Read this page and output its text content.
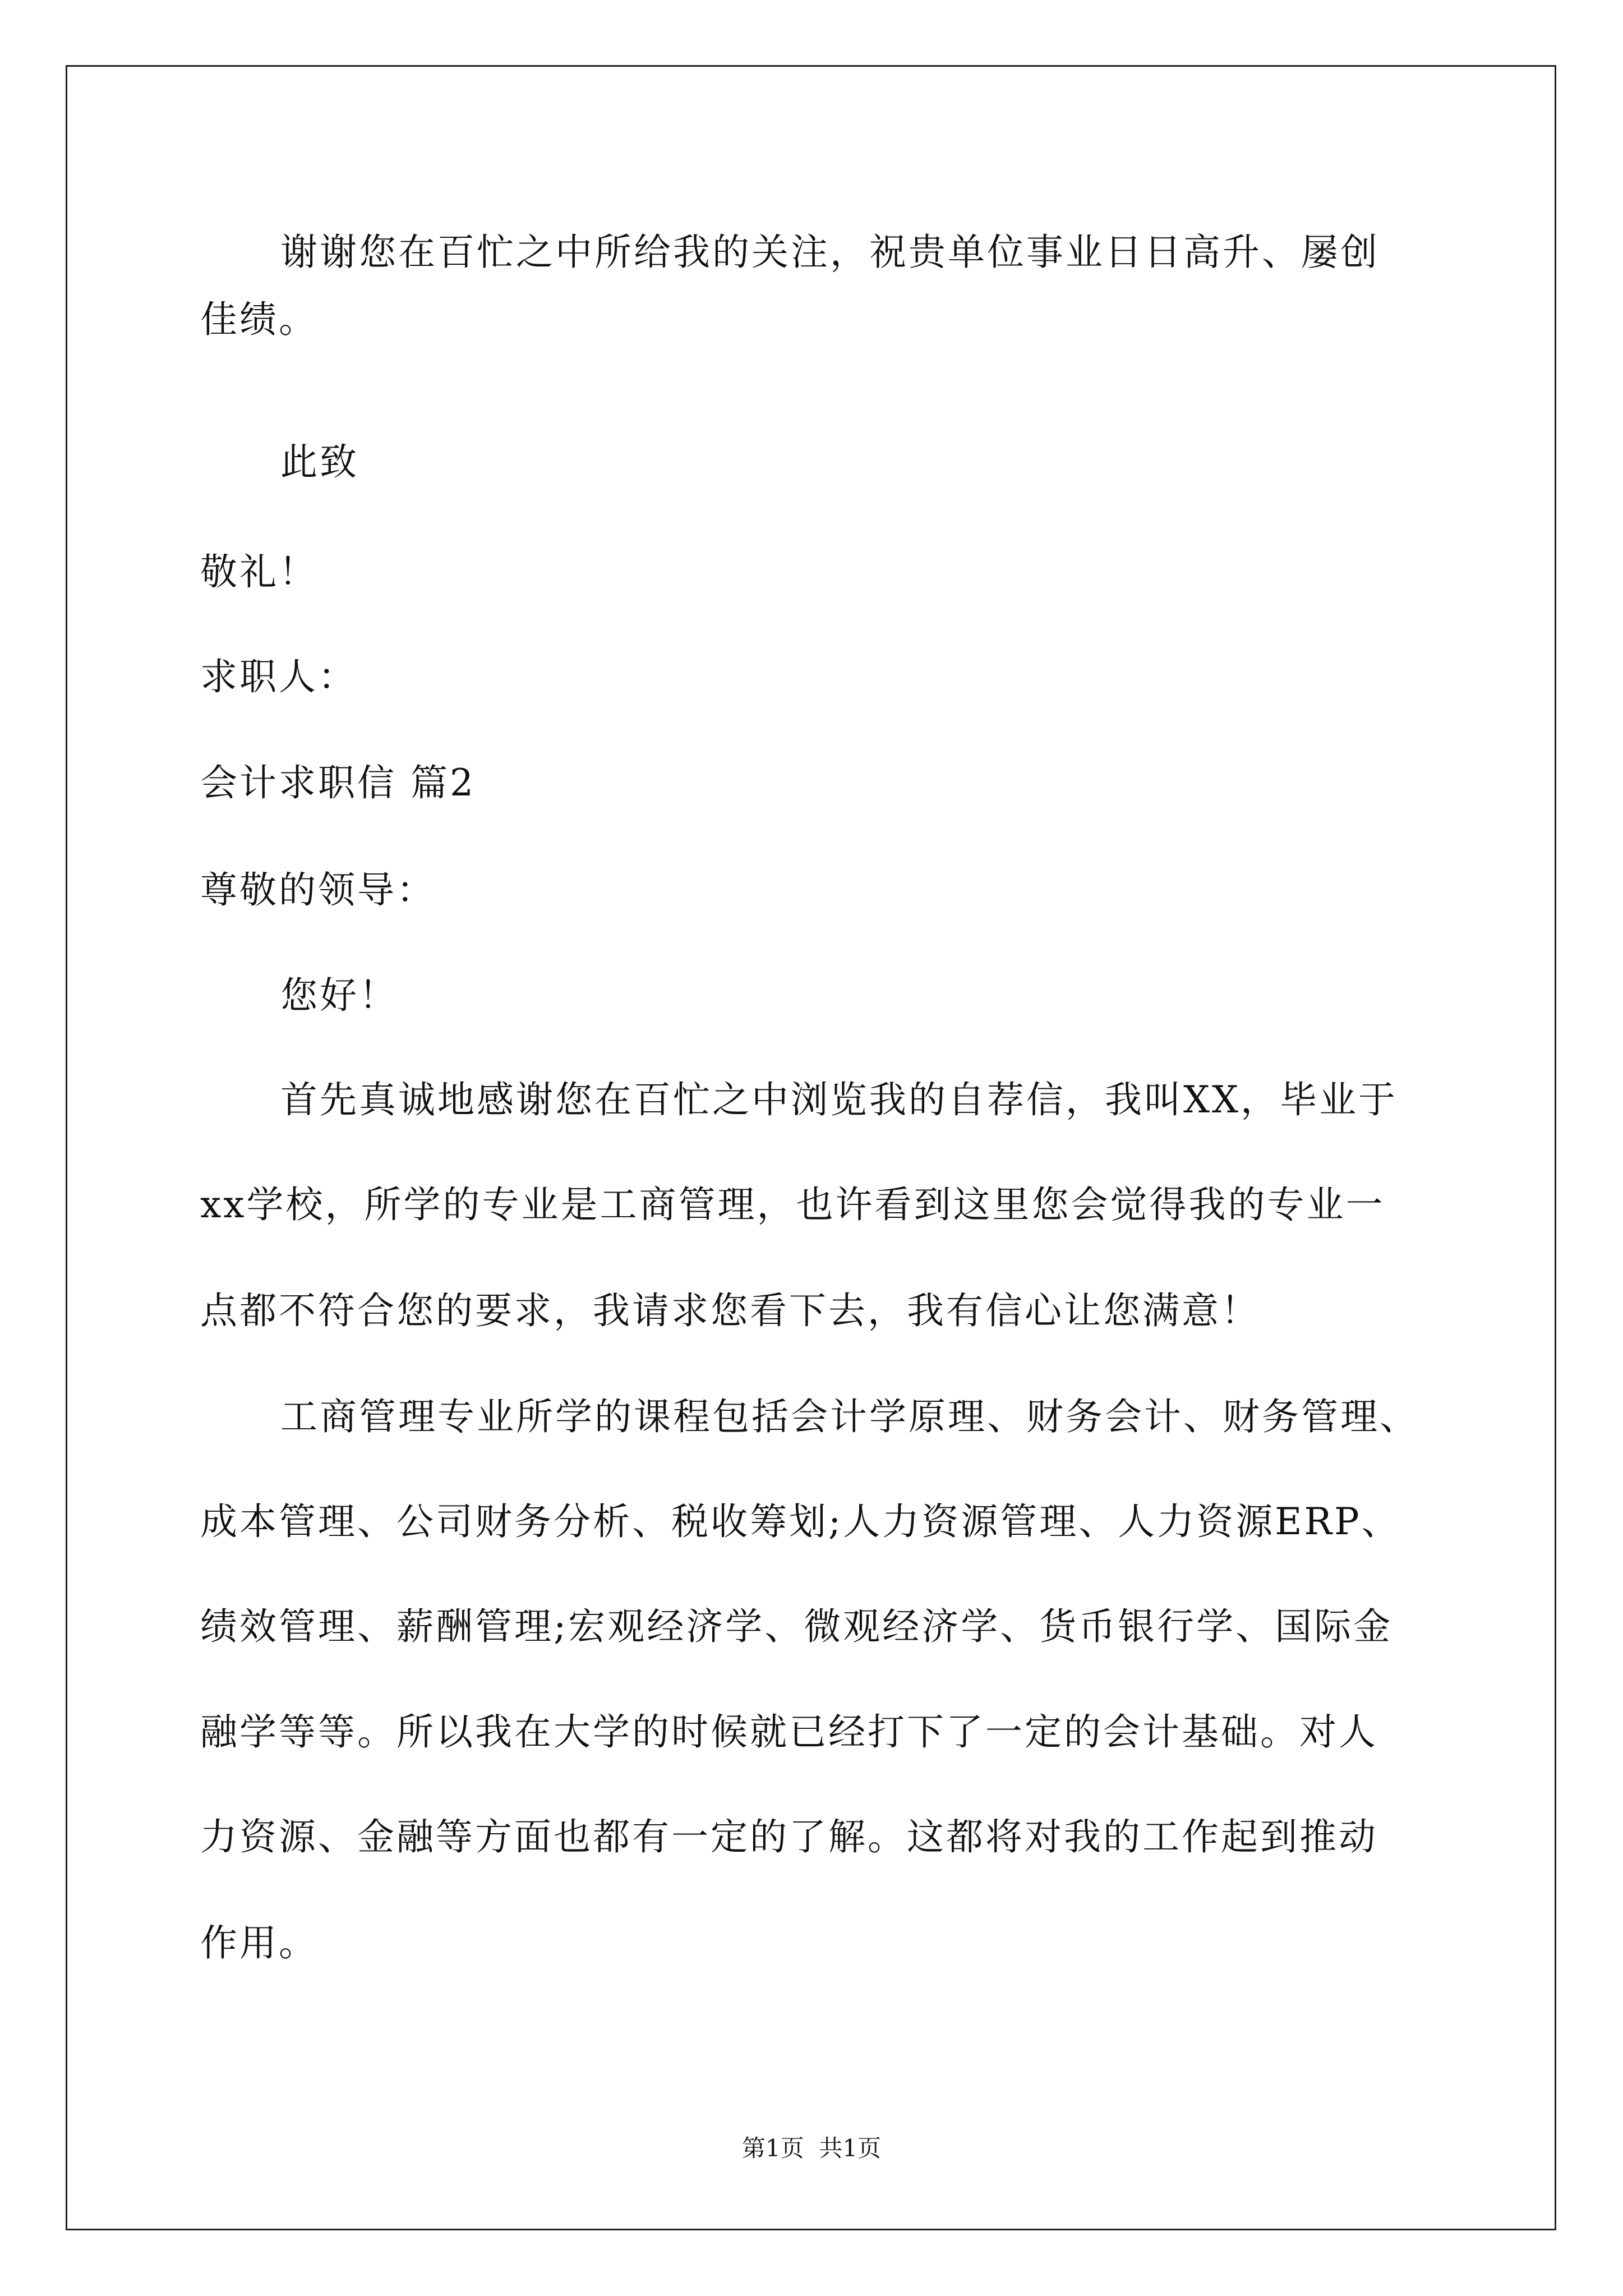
谢谢您在百忙之中所给我的关注，祝贵单位事业日日高升、屡创
佳绩。
此致
敬礼！
求职人：
会计求职信 篇2
尊敬的领导：
您好！
首先真诚地感谢您在百忙之中浏览我的自荐信，我叫XX，毕业于
xx学校，所学的专业是工商管理，也许看到这里您会觉得我的专业一
点都不符合您的要求，我请求您看下去，我有信心让您满意！
工商管理专业所学的课程包括会计学原理、财务会计、财务管理、
成本管理、公司财务分析、税收筹划;人力资源管理、人力资源ERP、
绩效管理、薪酬管理;宏观经济学、微观经济学、货币银行学、国际金
融学等等。所以我在大学的时候就已经打下了一定的会计基础。对人
力资源、金融等方面也都有一定的了解。这都将对我的工作起到推动
作用。
第1页  共1页
